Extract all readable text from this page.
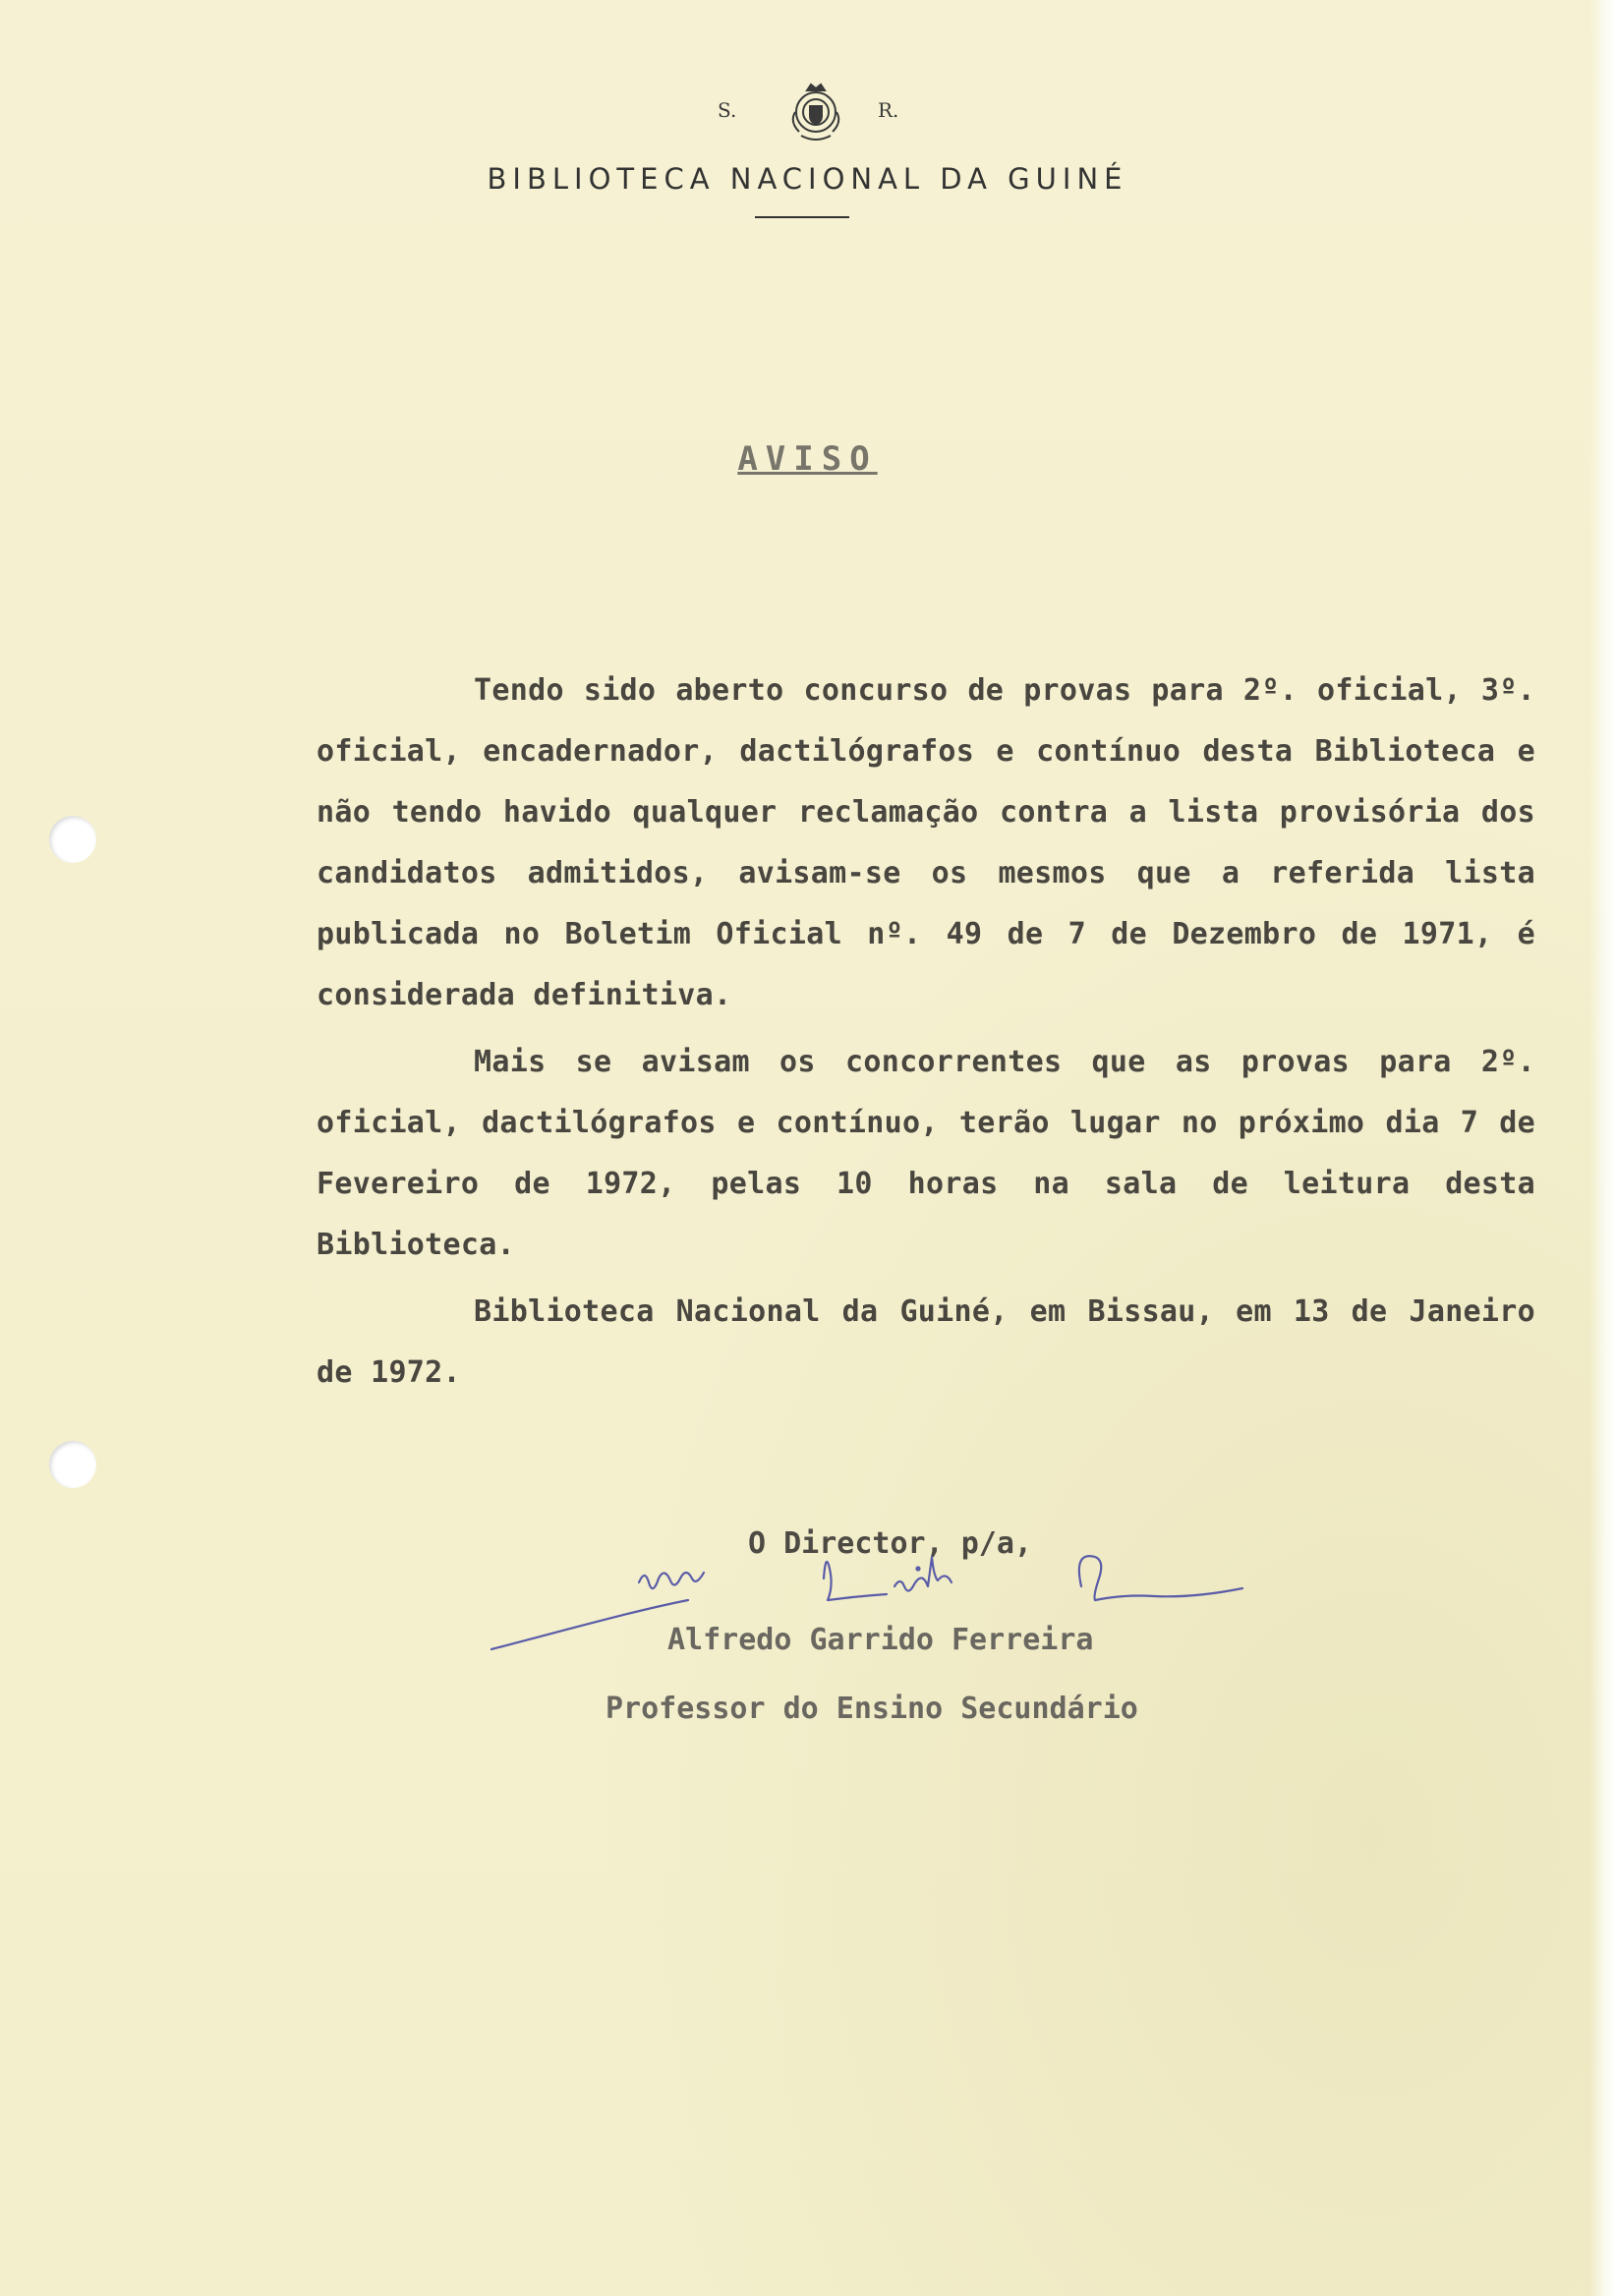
S.	R.
BIBLIOTECA NACIONAL DA GUINÉ
AVISO

Tendo sido aberto concurso de provas para 2º. oficial, 3º. oficial, encadernador, dactilógrafos e contínuo desta Biblioteca e não tendo havido qualquer reclamação contra a lista provisória dos candidatos admitidos, avisam-se os mesmos que a referida lista publicada no Boletim Oficial nº. 49 de 7 de Dezembro de 1971, é considerada definitiva.

Mais se avisam os concorrentes que as provas para 2º. oficial, dactilógrafos e contínuo, terão lugar no próximo dia 7 de Fevereiro de 1972, pelas 10 horas na sala de leitura desta Biblioteca.

Biblioteca Nacional da Guiné, em Bissau, em 13 de Janeiro de 1972.

O Director, p/a,
Alfredo Garrido Ferreira
Professor do Ensino Secundário
